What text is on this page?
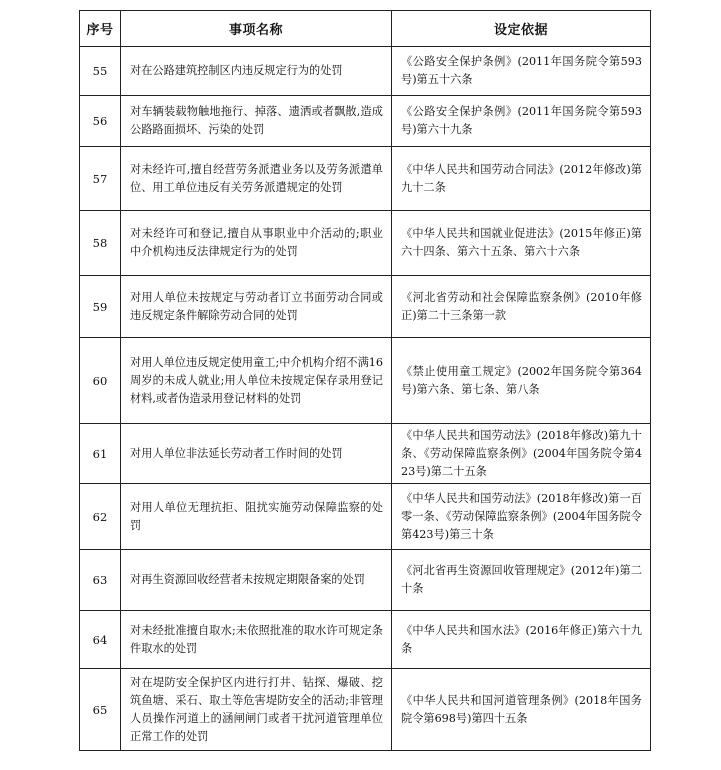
序号	事项名称	设定依据
55	对在公路建筑控制区内违反规定行为的处罚	《公路安全保护条例》(2011年国务院令第593号)第五十六条
56	对车辆装载物触地拖行、掉落、遗洒或者飘散,造成公路路面损坏、污染的处罚	《公路安全保护条例》(2011年国务院令第593号)第六十九条
57	对未经许可,擅自经营劳务派遣业务以及劳务派遣单位、用工单位违反有关劳务派遣规定的处罚	《中华人民共和国劳动合同法》(2012年修改)第九十二条
58	对未经许可和登记,擅自从事职业中介活动的;职业中介机构违反法律规定行为的处罚	《中华人民共和国就业促进法》(2015年修正)第六十四条、第六十五条、第六十六条
59	对用人单位未按规定与劳动者订立书面劳动合同或违反规定条件解除劳动合同的处罚	《河北省劳动和社会保障监察条例》(2010年修正)第二十三条第一款
60	对用人单位违反规定使用童工;中介机构介绍不满16周岁的未成人就业;用人单位未按规定保存录用登记材料,或者伪造录用登记材料的处罚	《禁止使用童工规定》(2002年国务院令第364号)第六条、第七条、第八条
61	对用人单位非法延长劳动者工作时间的处罚	《中华人民共和国劳动法》(2018年修改)第九十条、《劳动保障监察条例》(2004年国务院令第423号)第二十五条
62	对用人单位无理抗拒、阻扰实施劳动保障监察的处罚	《中华人民共和国劳动法》(2018年修改)第一百零一条、《劳动保障监察条例》(2004年国务院令第423号)第三十条
63	对再生资源回收经营者未按规定期限备案的处罚	《河北省再生资源回收管理规定》(2012年)第二十条
64	对未经批准擅自取水;未依照批准的取水许可规定条件取水的处罚	《中华人民共和国水法》(2016年修正)第六十九条
65	对在堤防安全保护区内进行打井、钻探、爆破、挖筑鱼塘、采石、取土等危害堤防安全的活动;非管理人员操作河道上的涵闸闸门或者干扰河道管理单位正常工作的处罚	《中华人民共和国河道管理条例》(2018年国务院令第698号)第四十五条
